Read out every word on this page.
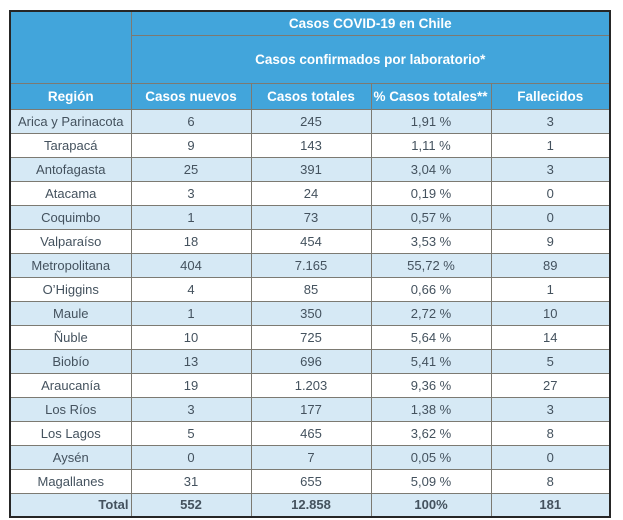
	Casos COVID-19 en Chile			
	Casos confirmados por laboratorio*			
Región	Casos nuevos	Casos totales	% Casos totales**	Fallecidos
Arica y Parinacota	6	245	1,91 %	3
Tarapacá	9	143	1,11 %	1
Antofagasta	25	391	3,04 %	3
Atacama	3	24	0,19 %	0
Coquimbo	1	73	0,57 %	0
Valparaíso	18	454	3,53 %	9
Metropolitana	404	7.165	55,72 %	89
O’Higgins	4	85	0,66 %	1
Maule	1	350	2,72 %	10
Ñuble	10	725	5,64 %	14
Biobío	13	696	5,41 %	5
Araucanía	19	1.203	9,36 %	27
Los Ríos	3	177	1,38 %	3
Los Lagos	5	465	3,62 %	8
Aysén	0	7	0,05 %	0
Magallanes	31	655	5,09 %	8
Total	552	12.858	100%	181
